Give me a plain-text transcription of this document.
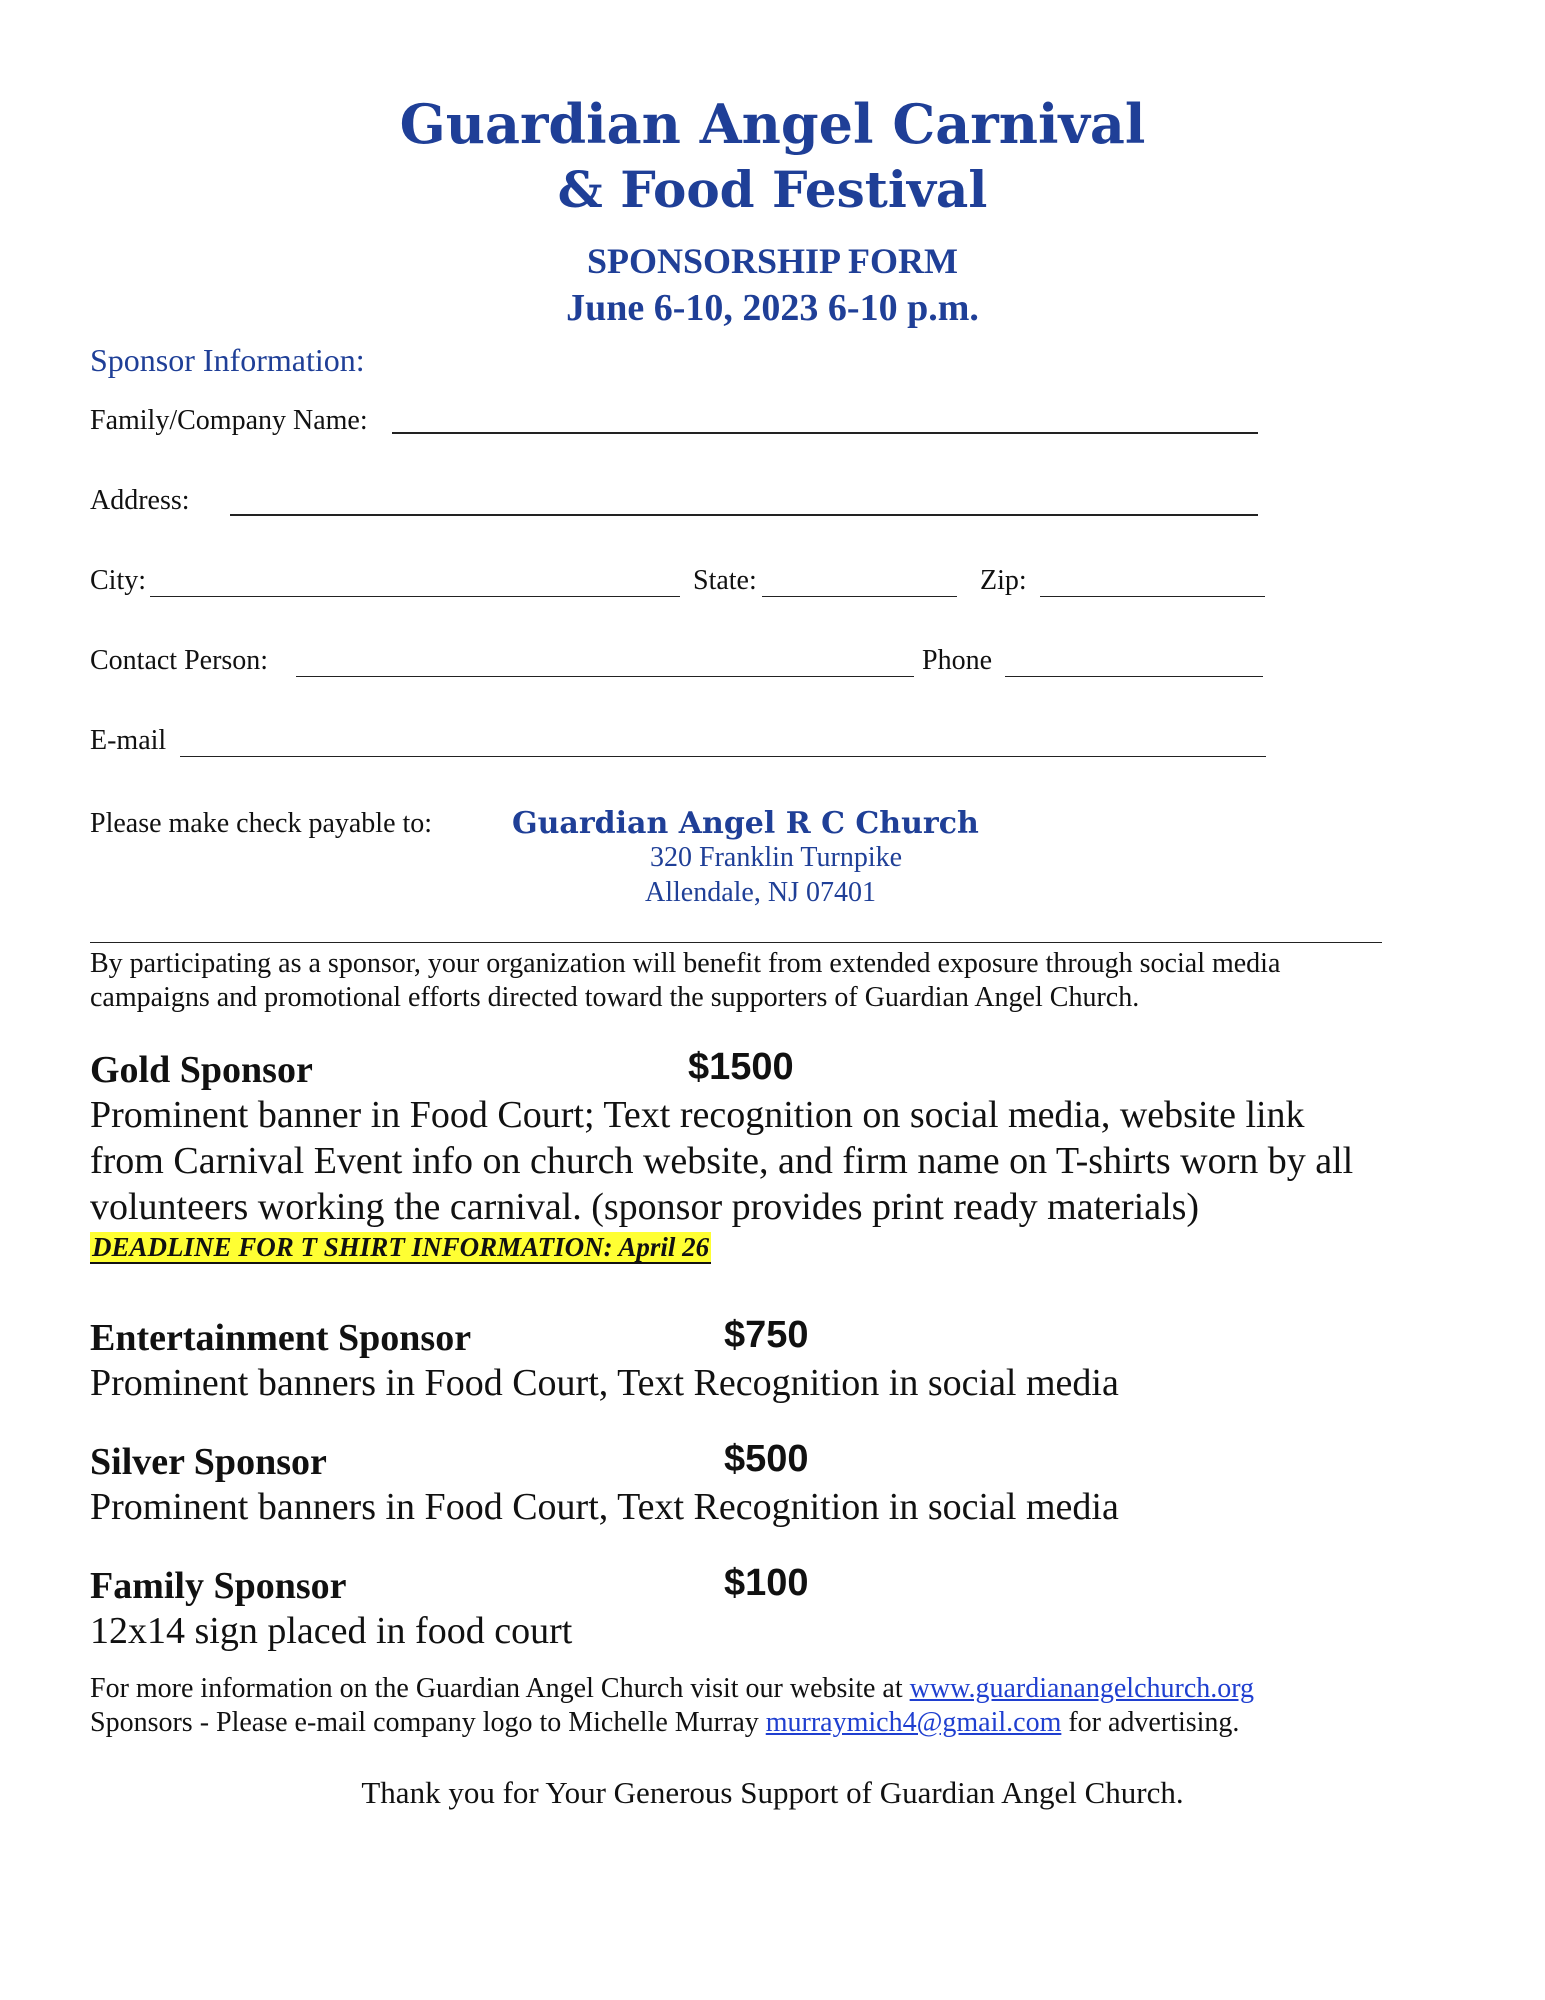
Guardian Angel Carnival
& Food Festival
SPONSORSHIP FORM
June 6-10, 2023 6-10 p.m.
Sponsor Information:
Family/Company Name:
Address:
City:	State:	Zip:
Contact Person:	Phone
E-mail
Please make check payable to:	Guardian Angel R C Church
320 Franklin Turnpike
Allendale, NJ 07401
By participating as a sponsor, your organization will benefit from extended exposure through social media
campaigns and promotional efforts directed toward the supporters of Guardian Angel Church.
Gold Sponsor	$1500
Prominent banner in Food Court; Text recognition on social media, website link
from Carnival Event info on church website, and firm name on T-shirts worn by all
volunteers working the carnival. (sponsor provides print ready materials)
DEADLINE FOR T SHIRT INFORMATION: April 26
Entertainment Sponsor	$750
Prominent banners in Food Court, Text Recognition in social media
Silver Sponsor	$500
Prominent banners in Food Court, Text Recognition in social media
Family Sponsor	$100
12x14 sign placed in food court
For more information on the Guardian Angel Church visit our website at www.guardianangelchurch.org
Sponsors - Please e-mail company logo to Michelle Murray murraymich4@gmail.com for advertising.
Thank you for Your Generous Support of Guardian Angel Church.
